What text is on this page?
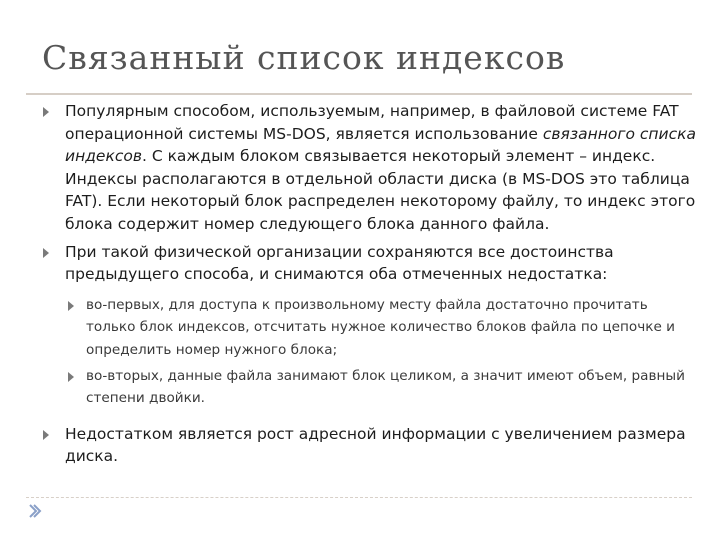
Связанный список индексов
Популярным способом, используемым, например, в файловой системе FAT операционной системы MS-DOS, является использование связанного списка индексов. С каждым блоком связывается некоторый элемент – индекс. Индексы располагаются в отдельной области диска (в MS-DOS это таблица FAT). Если некоторый блок распределен некоторому файлу, то индекс этого блока содержит номер следующего блока данного файла.
При такой физической организации сохраняются все достоинства предыдущего способа, и снимаются оба отмеченных недостатка:
во-первых, для доступа к произвольному месту файла достаточно прочитать только блок индексов, отсчитать нужное количество блоков файла по цепочке и определить номер нужного блока;
во-вторых, данные файла занимают блок целиком, а значит имеют объем, равный степени двойки.
Недостатком является рост адресной информации с увеличением размера диска.
